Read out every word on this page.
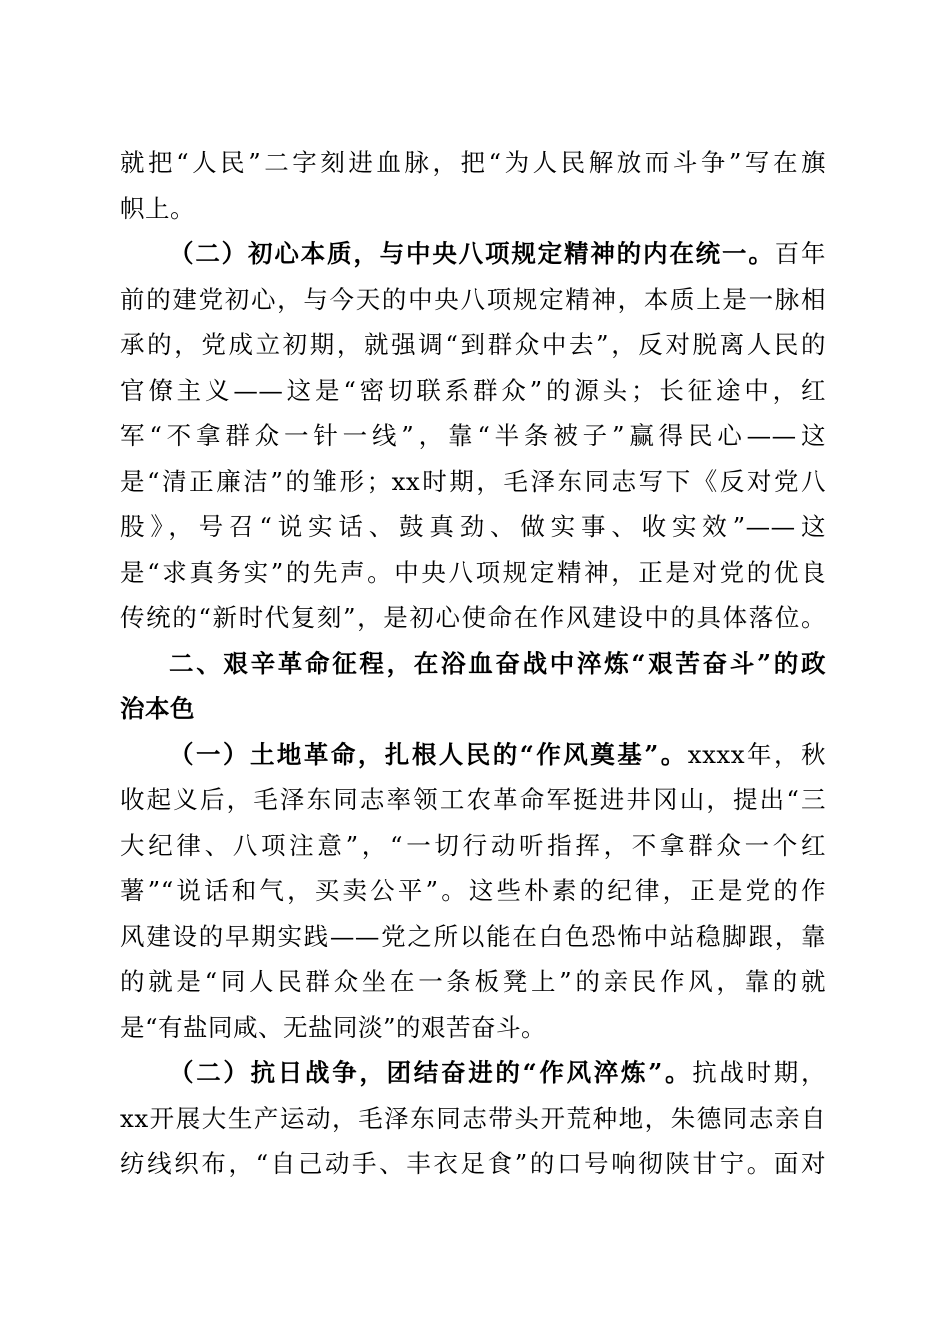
就把“人民”二字刻进血脉，把“为人民解放而斗争”写在旗
帜上。
（二）初心本质，与中央八项规定精神的内在统一。百年
前的建党初心，与今天的中央八项规定精神，本质上是一脉相
承的，党成立初期，就强调“到群众中去”，反对脱离人民的
官僚主义——这是“密切联系群众”的源头；长征途中，红
军“不拿群众一针一线”，靠“半条被子”赢得民心——这
是“清正廉洁”的雏形；xx时期，毛泽东同志写下《反对党八
股》，号召“说实话、鼓真劲、做实事、收实效”——这
是“求真务实”的先声。中央八项规定精神，正是对党的优良
传统的“新时代复刻”，是初心使命在作风建设中的具体落位。
二、艰辛革命征程，在浴血奋战中淬炼“艰苦奋斗”的政
治本色
（一）土地革命，扎根人民的“作风奠基”。xxxx年，秋
收起义后，毛泽东同志率领工农革命军挺进井冈山，提出“三
大纪律、八项注意”，“一切行动听指挥，不拿群众一个红
薯”“说话和气，买卖公平”。这些朴素的纪律，正是党的作
风建设的早期实践——党之所以能在白色恐怖中站稳脚跟，靠
的就是“同人民群众坐在一条板凳上”的亲民作风，靠的就
是“有盐同咸、无盐同淡”的艰苦奋斗。
（二）抗日战争，团结奋进的“作风淬炼”。抗战时期，
xx开展大生产运动，毛泽东同志带头开荒种地，朱德同志亲自
纺线织布，“自己动手、丰衣足食”的口号响彻陕甘宁。面对
